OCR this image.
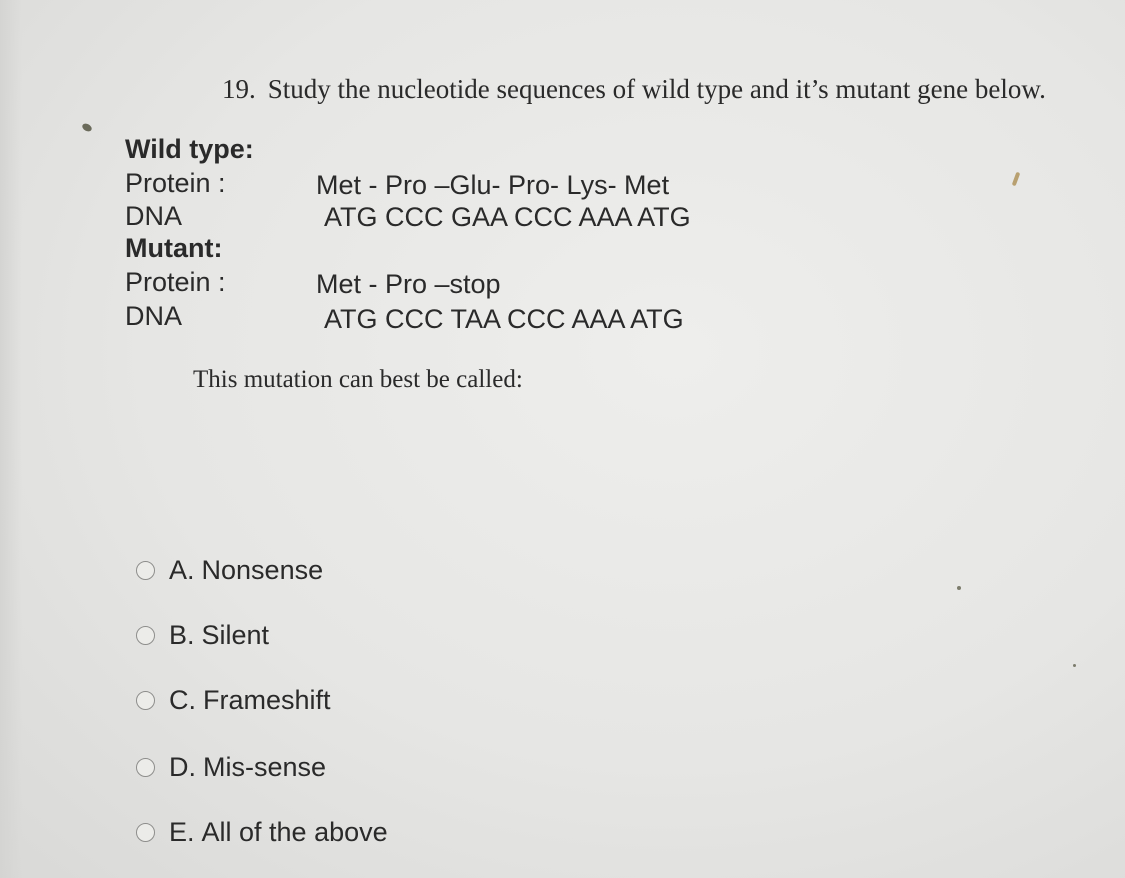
19. Study the nucleotide sequences of wild type and it’s mutant gene below.
Wild type:
Protein :	Met - Pro –Glu- Pro- Lys- Met
DNA	ATG CCC GAA CCC AAA ATG
Mutant:
Protein :	Met - Pro –stop
DNA	ATG CCC TAA CCC AAA ATG
This mutation can best be called:
A. Nonsense
B. Silent
C. Frameshift
D. Mis-sense
E. All of the above
